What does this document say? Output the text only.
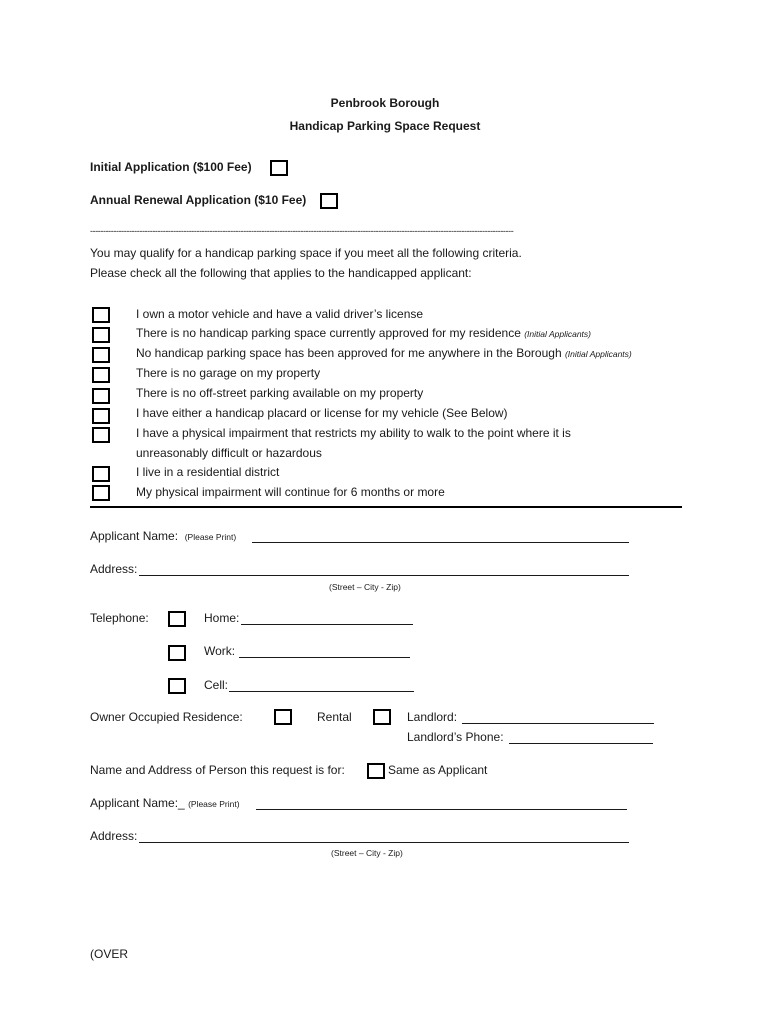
Penbrook Borough
Handicap Parking Space Request
Initial Application ($100 Fee)
Annual Renewal Application ($10 Fee)
-------------------------------------------------------------------------------------------------------------------------------------------------------------------
You may qualify for a handicap parking space if you meet all the following criteria.
Please check all the following that applies to the handicapped applicant:
I own a motor vehicle and have a valid driver’s license
There is no handicap parking space currently approved for my residence (Initial Applicants)
No handicap parking space has been approved for me anywhere in the Borough (Initial Applicants)
There is no garage on my property
There is no off-street parking available on my property
I have either a handicap placard or license for my vehicle (See Below)
I have a physical impairment that restricts my ability to walk to the point where it is
unreasonably difficult or hazardous
I live in a residential district
My physical impairment will continue for 6 months or more
Applicant Name: (Please Print)
Address:
(Street – City - Zip)
Telephone:	Home:
Work:
Cell:
Owner Occupied Residence:	Rental	Landlord:
Landlord’s Phone:
Name and Address of Person this request is for:	Same as Applicant
Applicant Name:_ (Please Print)
Address:
(Street – City - Zip)
(OVER
